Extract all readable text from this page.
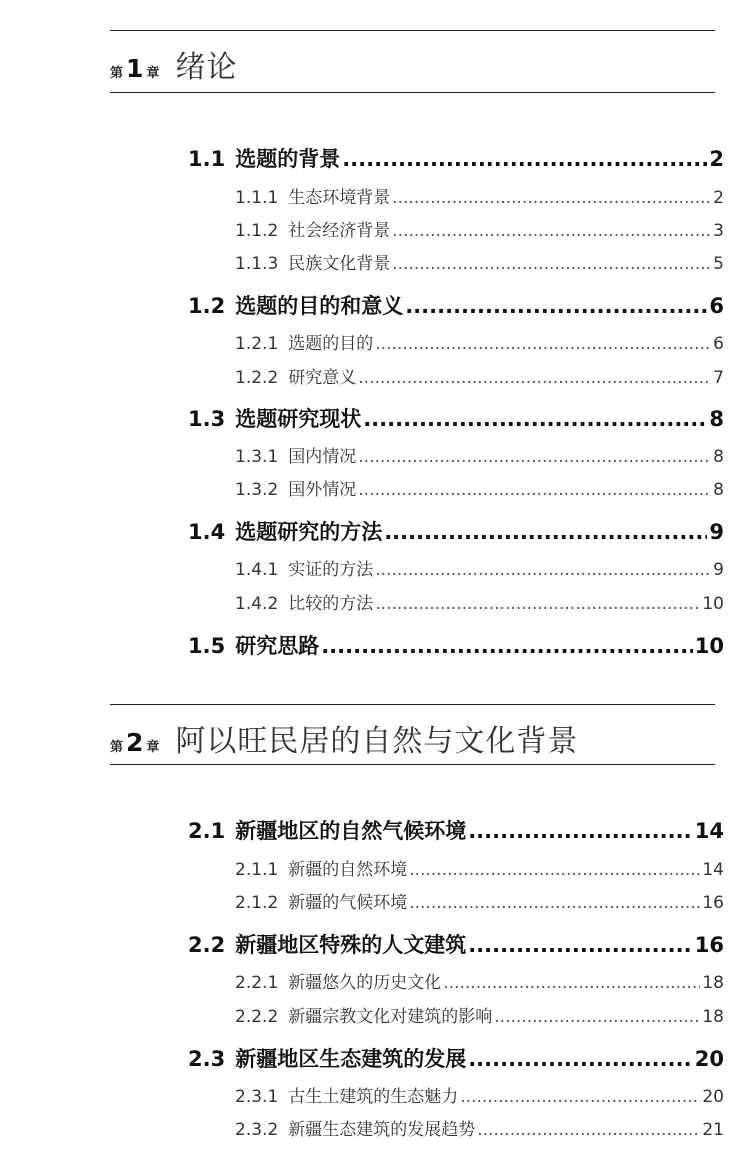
第 1 章 绪论
第 2 章 阿以旺民居的自然与文化背景
1.1 选题的背景 .....	2
1.1.1 生态环境背景 .....	2
1.1.2 社会经济背景 .....	3
1.1.3 民族文化背景 .....	5
1.2 选题的目的和意义 .....	6
1.2.1 选题的目的 .....	6
1.2.2 研究意义 .....	7
1.3 选题研究现状 .....	8
1.3.1 国内情况 .....	8
1.3.2 国外情况 .....	8
1.4 选题研究的方法 .....	9
1.4.1 实证的方法 .....	9
1.4.2 比较的方法 .....	10
1.5 研究思路 .....	10
2.1 新疆地区的自然气候环境 .....	14
2.1.1 新疆的自然环境 .....	14
2.1.2 新疆的气候环境 .....	16
2.2 新疆地区特殊的人文建筑 .....	16
2.2.1 新疆悠久的历史文化 .....	18
2.2.2 新疆宗教文化对建筑的影响 .....	18
2.3 新疆地区生态建筑的发展 .....	20
2.3.1 古生土建筑的生态魅力 .....	20
2.3.2 新疆生态建筑的发展趋势 .....	21
